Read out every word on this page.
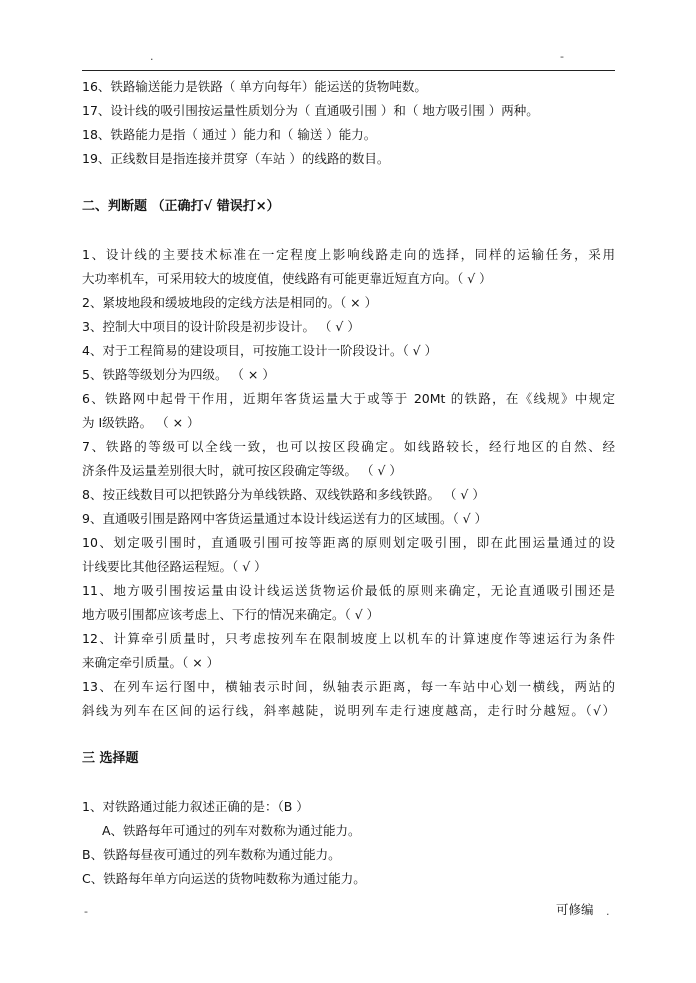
.	-
16、铁路输送能力是铁路（ 单方向每年）能运送的货物吨数。
17、设计线的吸引围按运量性质划分为（ 直通吸引围 ）和（ 地方吸引围 ）两种。
18、铁路能力是指（ 通过 ）能力和（ 输送 ）能力。
19、正线数目是指连接并贯穿（车站 ）的线路的数目。
二、判断题 （正确打√ 错误打×）
1、设计线的主要技术标准在一定程度上影响线路走向的选择，同样的运输任务，采用
大功率机车，可采用较大的坡度值，使线路有可能更靠近短直方向。（ √ ）
2、紧坡地段和缓坡地段的定线方法是相同的。（ × ）
3、控制大中项目的设计阶段是初步设计。 （ √ ）
4、对于工程简易的建设项目，可按施工设计一阶段设计。（ √ ）
5、铁路等级划分为四级。 （ × ）
6、铁路网中起骨干作用，近期年客货运量大于或等于 20Mt 的铁路，在《线规》中规定
为 Ⅰ级铁路。 （ × ）
7、铁路的等级可以全线一致，也可以按区段确定。如线路较长，经行地区的自然、经
济条件及运量差别很大时，就可按区段确定等级。 （ √ ）
8、按正线数目可以把铁路分为单线铁路、双线铁路和多线铁路。 （ √ ）
9、直通吸引围是路网中客货运量通过本设计线运送有力的区域围。（ √ ）
10、划定吸引围时，直通吸引围可按等距离的原则划定吸引围，即在此围运量通过的设
计线要比其他径路运程短。（ √ ）
11、地方吸引围按运量由设计线运送货物运价最低的原则来确定，无论直通吸引围还是
地方吸引围都应该考虑上、下行的情况来确定。（ √ ）
12、计算牵引质量时，只考虑按列车在限制坡度上以机车的计算速度作等速运行为条件
来确定牵引质量。（ × ）
13、在列车运行图中，横轴表示时间，纵轴表示距离，每一车站中心划一横线，两站的
斜线为列车在区间的运行线，斜率越陡，说明列车走行速度越高，走行时分越短。（√）
三 选择题
1、对铁路通过能力叙述正确的是：（B ）
A、铁路每年可通过的列车对数称为通过能力。
B、铁路每昼夜可通过的列车数称为通过能力。
C、铁路每年单方向运送的货物吨数称为通过能力。
-	可修编 .
